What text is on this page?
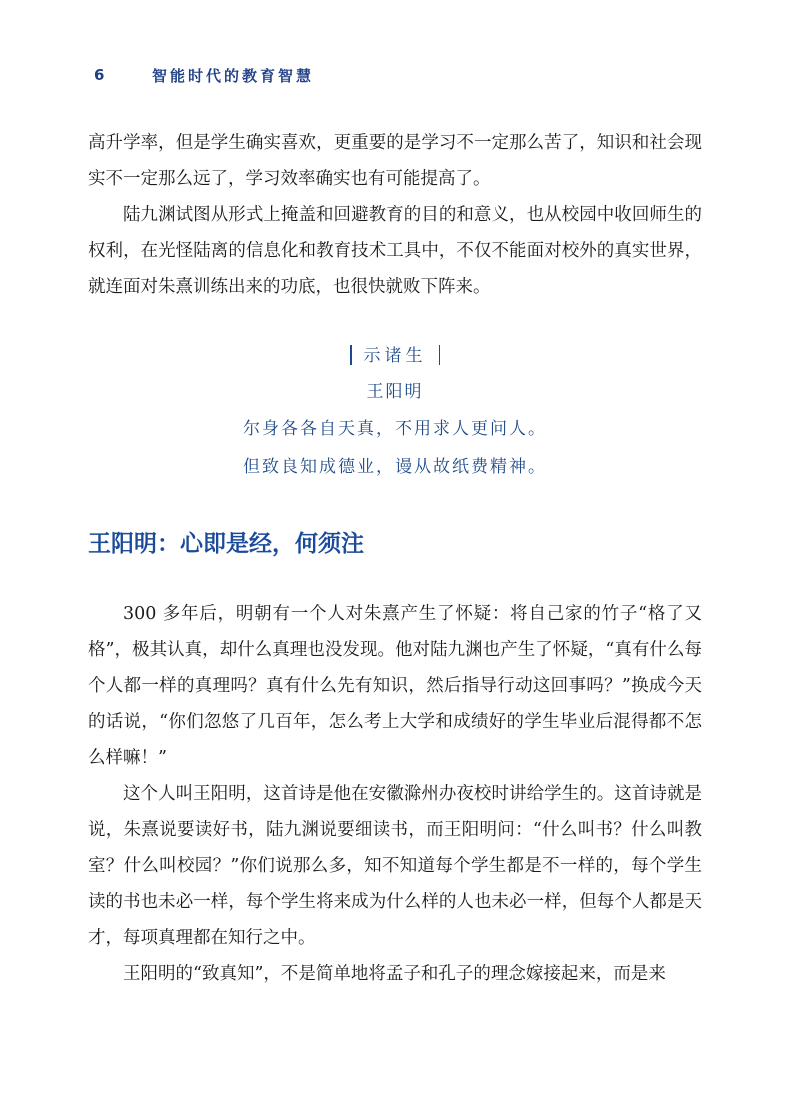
6	智能时代的教育智慧

高升学率，但是学生确实喜欢，更重要的是学习不一定那么苦了，知识和社会现实不一定那么远了，学习效率确实也有可能提高了。

陆九渊试图从形式上掩盖和回避教育的目的和意义，也从校园中收回师生的权利，在光怪陆离的信息化和教育技术工具中，不仅不能面对校外的真实世界，就连面对朱熹训练出来的功底，也很快就败下阵来。

示诸生
王阳明
尔身各各自天真，不用求人更问人。
但致良知成德业，谩从故纸费精神。
王阳明：心即是经，何须注

300 多年后，明朝有一个人对朱熹产生了怀疑：将自己家的竹子“格了又格”，极其认真，却什么真理也没发现。他对陆九渊也产生了怀疑，“真有什么每个人都一样的真理吗？真有什么先有知识，然后指导行动这回事吗？”换成今天的话说，“你们忽悠了几百年，怎么考上大学和成绩好的学生毕业后混得都不怎么样嘛！”

这个人叫王阳明，这首诗是他在安徽滁州办夜校时讲给学生的。这首诗就是说，朱熹说要读好书，陆九渊说要细读书，而王阳明问：“什么叫书？什么叫教室？什么叫校园？”你们说那么多，知不知道每个学生都是不一样的，每个学生读的书也未必一样，每个学生将来成为什么样的人也未必一样，但每个人都是天才，每项真理都在知行之中。

王阳明的“致真知”，不是简单地将孟子和孔子的理念嫁接起来，而是来
